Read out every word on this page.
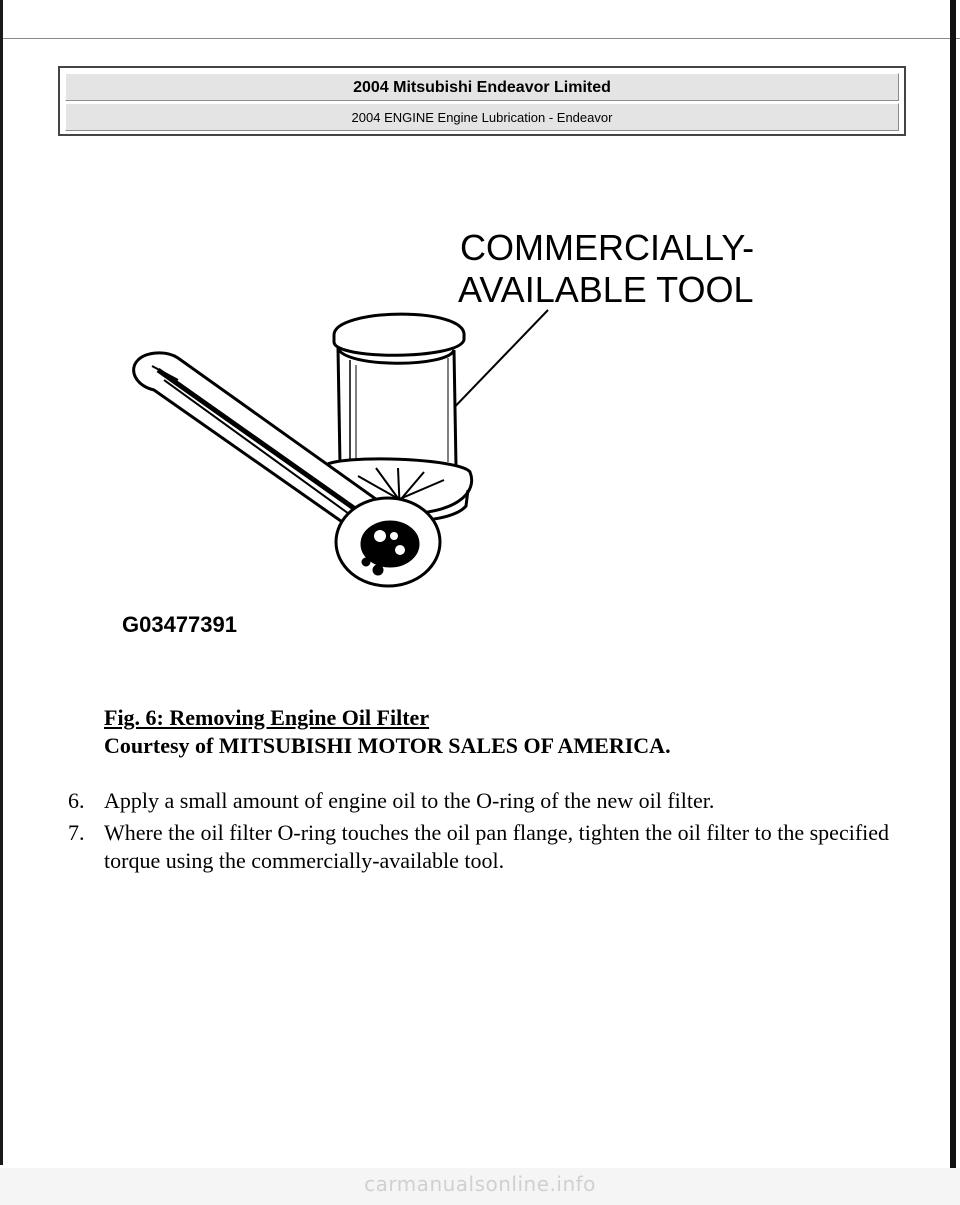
2004 Mitsubishi Endeavor Limited
2004 ENGINE Engine Lubrication - Endeavor
COMMERCIALLY-
AVAILABLE TOOL
G03477391
Fig. 6: Removing Engine Oil Filter
Courtesy of MITSUBISHI MOTOR SALES OF AMERICA.
6. Apply a small amount of engine oil to the O-ring of the new oil filter.
7. Where the oil filter O-ring touches the oil pan flange, tighten the oil filter to the specified torque using the commercially-available tool.
carmanualsonline.info
